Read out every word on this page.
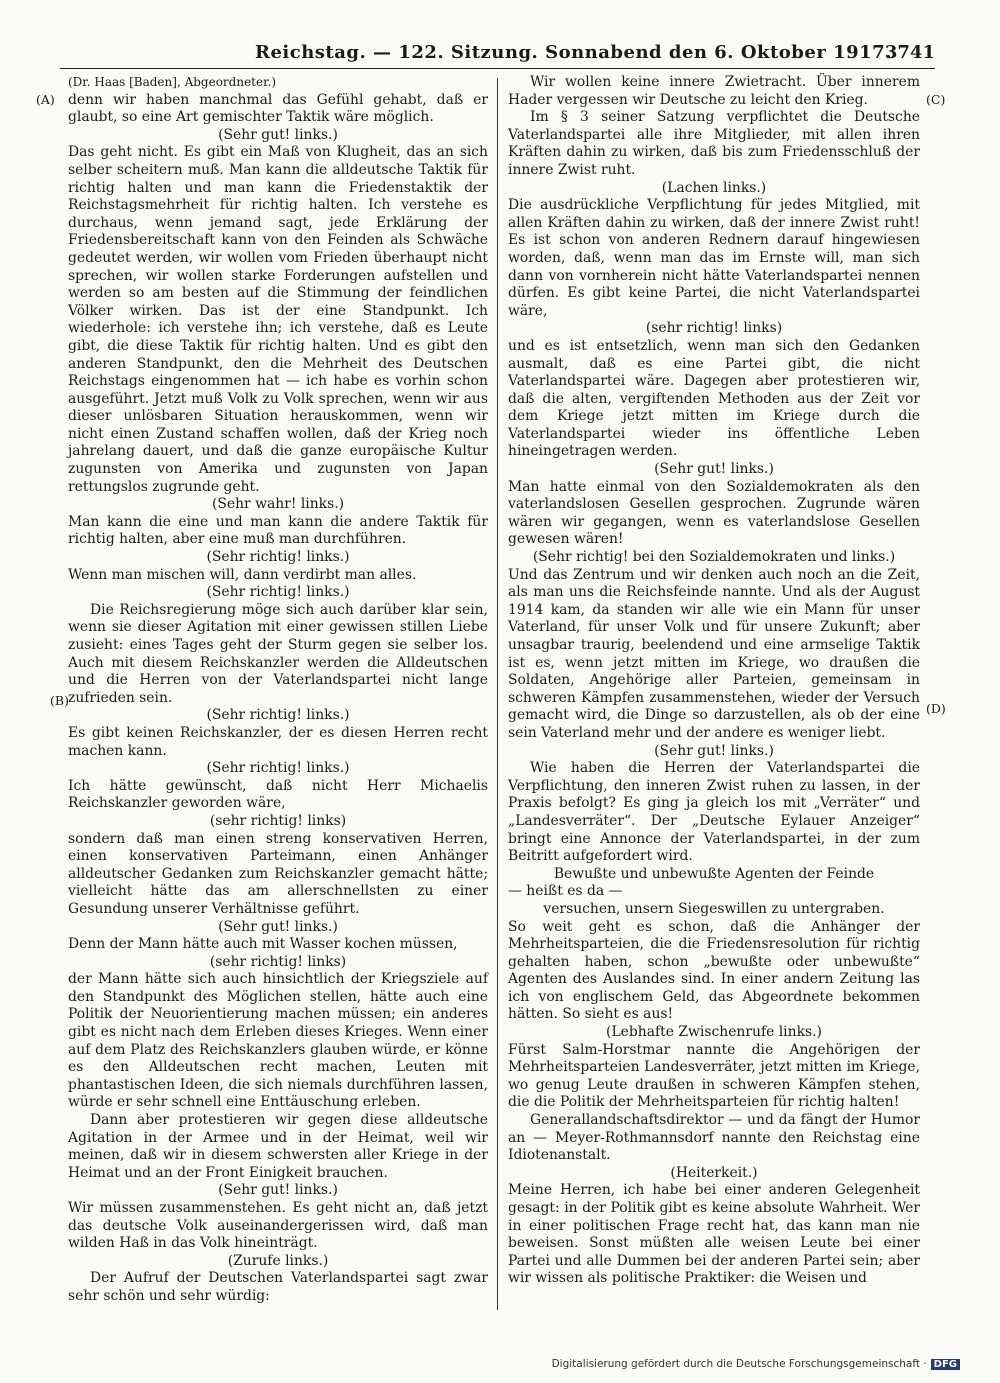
Reichstag. — 122. Sitzung. Sonnabend den 6. Oktober 1917.
3741

(Dr. Haas [Baden], Abgeordneter.)

denn wir haben manchmal das Gefühl gehabt, daß er glaubt, so eine Art gemischter Taktik wäre möglich.

(Sehr gut! links.)

Das geht nicht. Es gibt ein Maß von Klugheit, das an sich selber scheitern muß. Man kann die alldeutsche Taktik für richtig halten und man kann die Friedenstaktik der Reichstagsmehrheit für richtig halten. Ich verstehe es durchaus, wenn jemand sagt, jede Erklärung der Friedensbereitschaft kann von den Feinden als Schwäche gedeutet werden, wir wollen vom Frieden überhaupt nicht sprechen, wir wollen starke Forderungen aufstellen und werden so am besten auf die Stimmung der feindlichen Völker wirken. Das ist der eine Standpunkt. Ich wiederhole: ich verstehe ihn; ich verstehe, daß es Leute gibt, die diese Taktik für richtig halten. Und es gibt den anderen Standpunkt, den die Mehrheit des Deutschen Reichstags eingenommen hat — ich habe es vorhin schon ausgeführt. Jetzt muß Volk zu Volk sprechen, wenn wir aus dieser unlösbaren Situation herauskommen, wenn wir nicht einen Zustand schaffen wollen, daß der Krieg noch jahrelang dauert, und daß die ganze europäische Kultur zugunsten von Amerika und zugunsten von Japan rettungslos zugrunde geht.

(Sehr wahr! links.)

Man kann die eine und man kann die andere Taktik für richtig halten, aber eine muß man durchführen.

(Sehr richtig! links.)

Wenn man mischen will, dann verdirbt man alles.

(Sehr richtig! links.)

Die Reichsregierung möge sich auch darüber klar sein, wenn sie dieser Agitation mit einer gewissen stillen Liebe zusieht: eines Tages geht der Sturm gegen sie selber los. Auch mit diesem Reichskanzler werden die Alldeutschen und die Herren von der Vaterlandspartei nicht lange zufrieden sein.

(Sehr richtig! links.)

Es gibt keinen Reichskanzler, der es diesen Herren recht machen kann.

(Sehr richtig! links.)

Ich hätte gewünscht, daß nicht Herr Michaelis Reichskanzler geworden wäre,

(sehr richtig! links)

sondern daß man einen streng konservativen Herren, einen konservativen Parteimann, einen Anhänger alldeutscher Gedanken zum Reichskanzler gemacht hätte; vielleicht hätte das am allerschnellsten zu einer Gesundung unserer Verhältnisse geführt.

(Sehr gut! links.)

Denn der Mann hätte auch mit Wasser kochen müssen,

(sehr richtig! links)

der Mann hätte sich auch hinsichtlich der Kriegsziele auf den Standpunkt des Möglichen stellen, hätte auch eine Politik der Neuorientierung machen müssen; ein anderes gibt es nicht nach dem Erleben dieses Krieges. Wenn einer auf dem Platz des Reichskanzlers glauben würde, er könne es den Alldeutschen recht machen, Leuten mit phantastischen Ideen, die sich niemals durchführen lassen, würde er sehr schnell eine Enttäuschung erleben.

Dann aber protestieren wir gegen diese alldeutsche Agitation in der Armee und in der Heimat, weil wir meinen, daß wir in diesem schwersten aller Kriege in der Heimat und an der Front Einigkeit brauchen.

(Sehr gut! links.)

Wir müssen zusammenstehen. Es geht nicht an, daß jetzt das deutsche Volk auseinandergerissen wird, daß man wilden Haß in das Volk hineinträgt.

(Zurufe links.)

Der Aufruf der Deutschen Vaterlandspartei sagt zwar sehr schön und sehr würdig:

Wir wollen keine innere Zwietracht. Über innerem Hader vergessen wir Deutsche zu leicht den Krieg.

Im § 3 seiner Satzung verpflichtet die Deutsche Vaterlandspartei alle ihre Mitglieder, mit allen ihren Kräften dahin zu wirken, daß bis zum Friedensschluß der innere Zwist ruht.

(Lachen links.)

Die ausdrückliche Verpflichtung für jedes Mitglied, mit allen Kräften dahin zu wirken, daß der innere Zwist ruht! Es ist schon von anderen Rednern darauf hingewiesen worden, daß, wenn man das im Ernste will, man sich dann von vornherein nicht hätte Vaterlandspartei nennen dürfen. Es gibt keine Partei, die nicht Vaterlandspartei wäre,

(sehr richtig! links)

und es ist entsetzlich, wenn man sich den Gedanken ausmalt, daß es eine Partei gibt, die nicht Vaterlandspartei wäre. Dagegen aber protestieren wir, daß die alten, vergiftenden Methoden aus der Zeit vor dem Kriege jetzt mitten im Kriege durch die Vaterlandspartei wieder ins öffentliche Leben hineingetragen werden.

(Sehr gut! links.)

Man hatte einmal von den Sozialdemokraten als den vaterlandslosen Gesellen gesprochen. Zugrunde wären wären wir gegangen, wenn es vaterlandslose Gesellen gewesen wären!

(Sehr richtig! bei den Sozialdemokraten und links.)

Und das Zentrum und wir denken auch noch an die Zeit, als man uns die Reichsfeinde nannte. Und als der August 1914 kam, da standen wir alle wie ein Mann für unser Vaterland, für unser Volk und für unsere Zukunft; aber unsagbar traurig, beelendend und eine armselige Taktik ist es, wenn jetzt mitten im Kriege, wo draußen die Soldaten, Angehörige aller Parteien, gemeinsam in schweren Kämpfen zusammenstehen, wieder der Versuch gemacht wird, die Dinge so darzustellen, als ob der eine sein Vaterland mehr und der andere es weniger liebt.

(Sehr gut! links.)

Wie haben die Herren der Vaterlandspartei die Verpflichtung, den inneren Zwist ruhen zu lassen, in der Praxis befolgt? Es ging ja gleich los mit „Verräter“ und „Landesverräter“. Der „Deutsche Eylauer Anzeiger“ bringt eine Annonce der Vaterlandspartei, in der zum Beitritt aufgefordert wird.

Bewußte und unbewußte Agenten der Feinde

— heißt es da —

versuchen, unsern Siegeswillen zu untergraben.

So weit geht es schon, daß die Anhänger der Mehrheitsparteien, die die Friedensresolution für richtig gehalten haben, schon „bewußte oder unbewußte“ Agenten des Auslandes sind. In einer andern Zeitung las ich von englischem Geld, das Abgeordnete bekommen hätten. So sieht es aus!

(Lebhafte Zwischenrufe links.)

Fürst Salm-Horstmar nannte die Angehörigen der Mehrheitsparteien Landesverräter, jetzt mitten im Kriege, wo genug Leute draußen in schweren Kämpfen stehen, die die Politik der Mehrheitsparteien für richtig halten!

Generallandschaftsdirektor — und da fängt der Humor an — Meyer-Rothmannsdorf nannte den Reichstag eine Idiotenanstalt.

(Heiterkeit.)

Meine Herren, ich habe bei einer anderen Gelegenheit gesagt: in der Politik gibt es keine absolute Wahrheit. Wer in einer politischen Frage recht hat, das kann man nie beweisen. Sonst müßten alle weisen Leute bei einer Partei und alle Dummen bei der anderen Partei sein; aber wir wissen als politische Praktiker: die Weisen und

(A)
(B)
(C)
(D)
Digitalisierung gefördert durch die Deutsche Forschungsgemeinschaft · DFG
